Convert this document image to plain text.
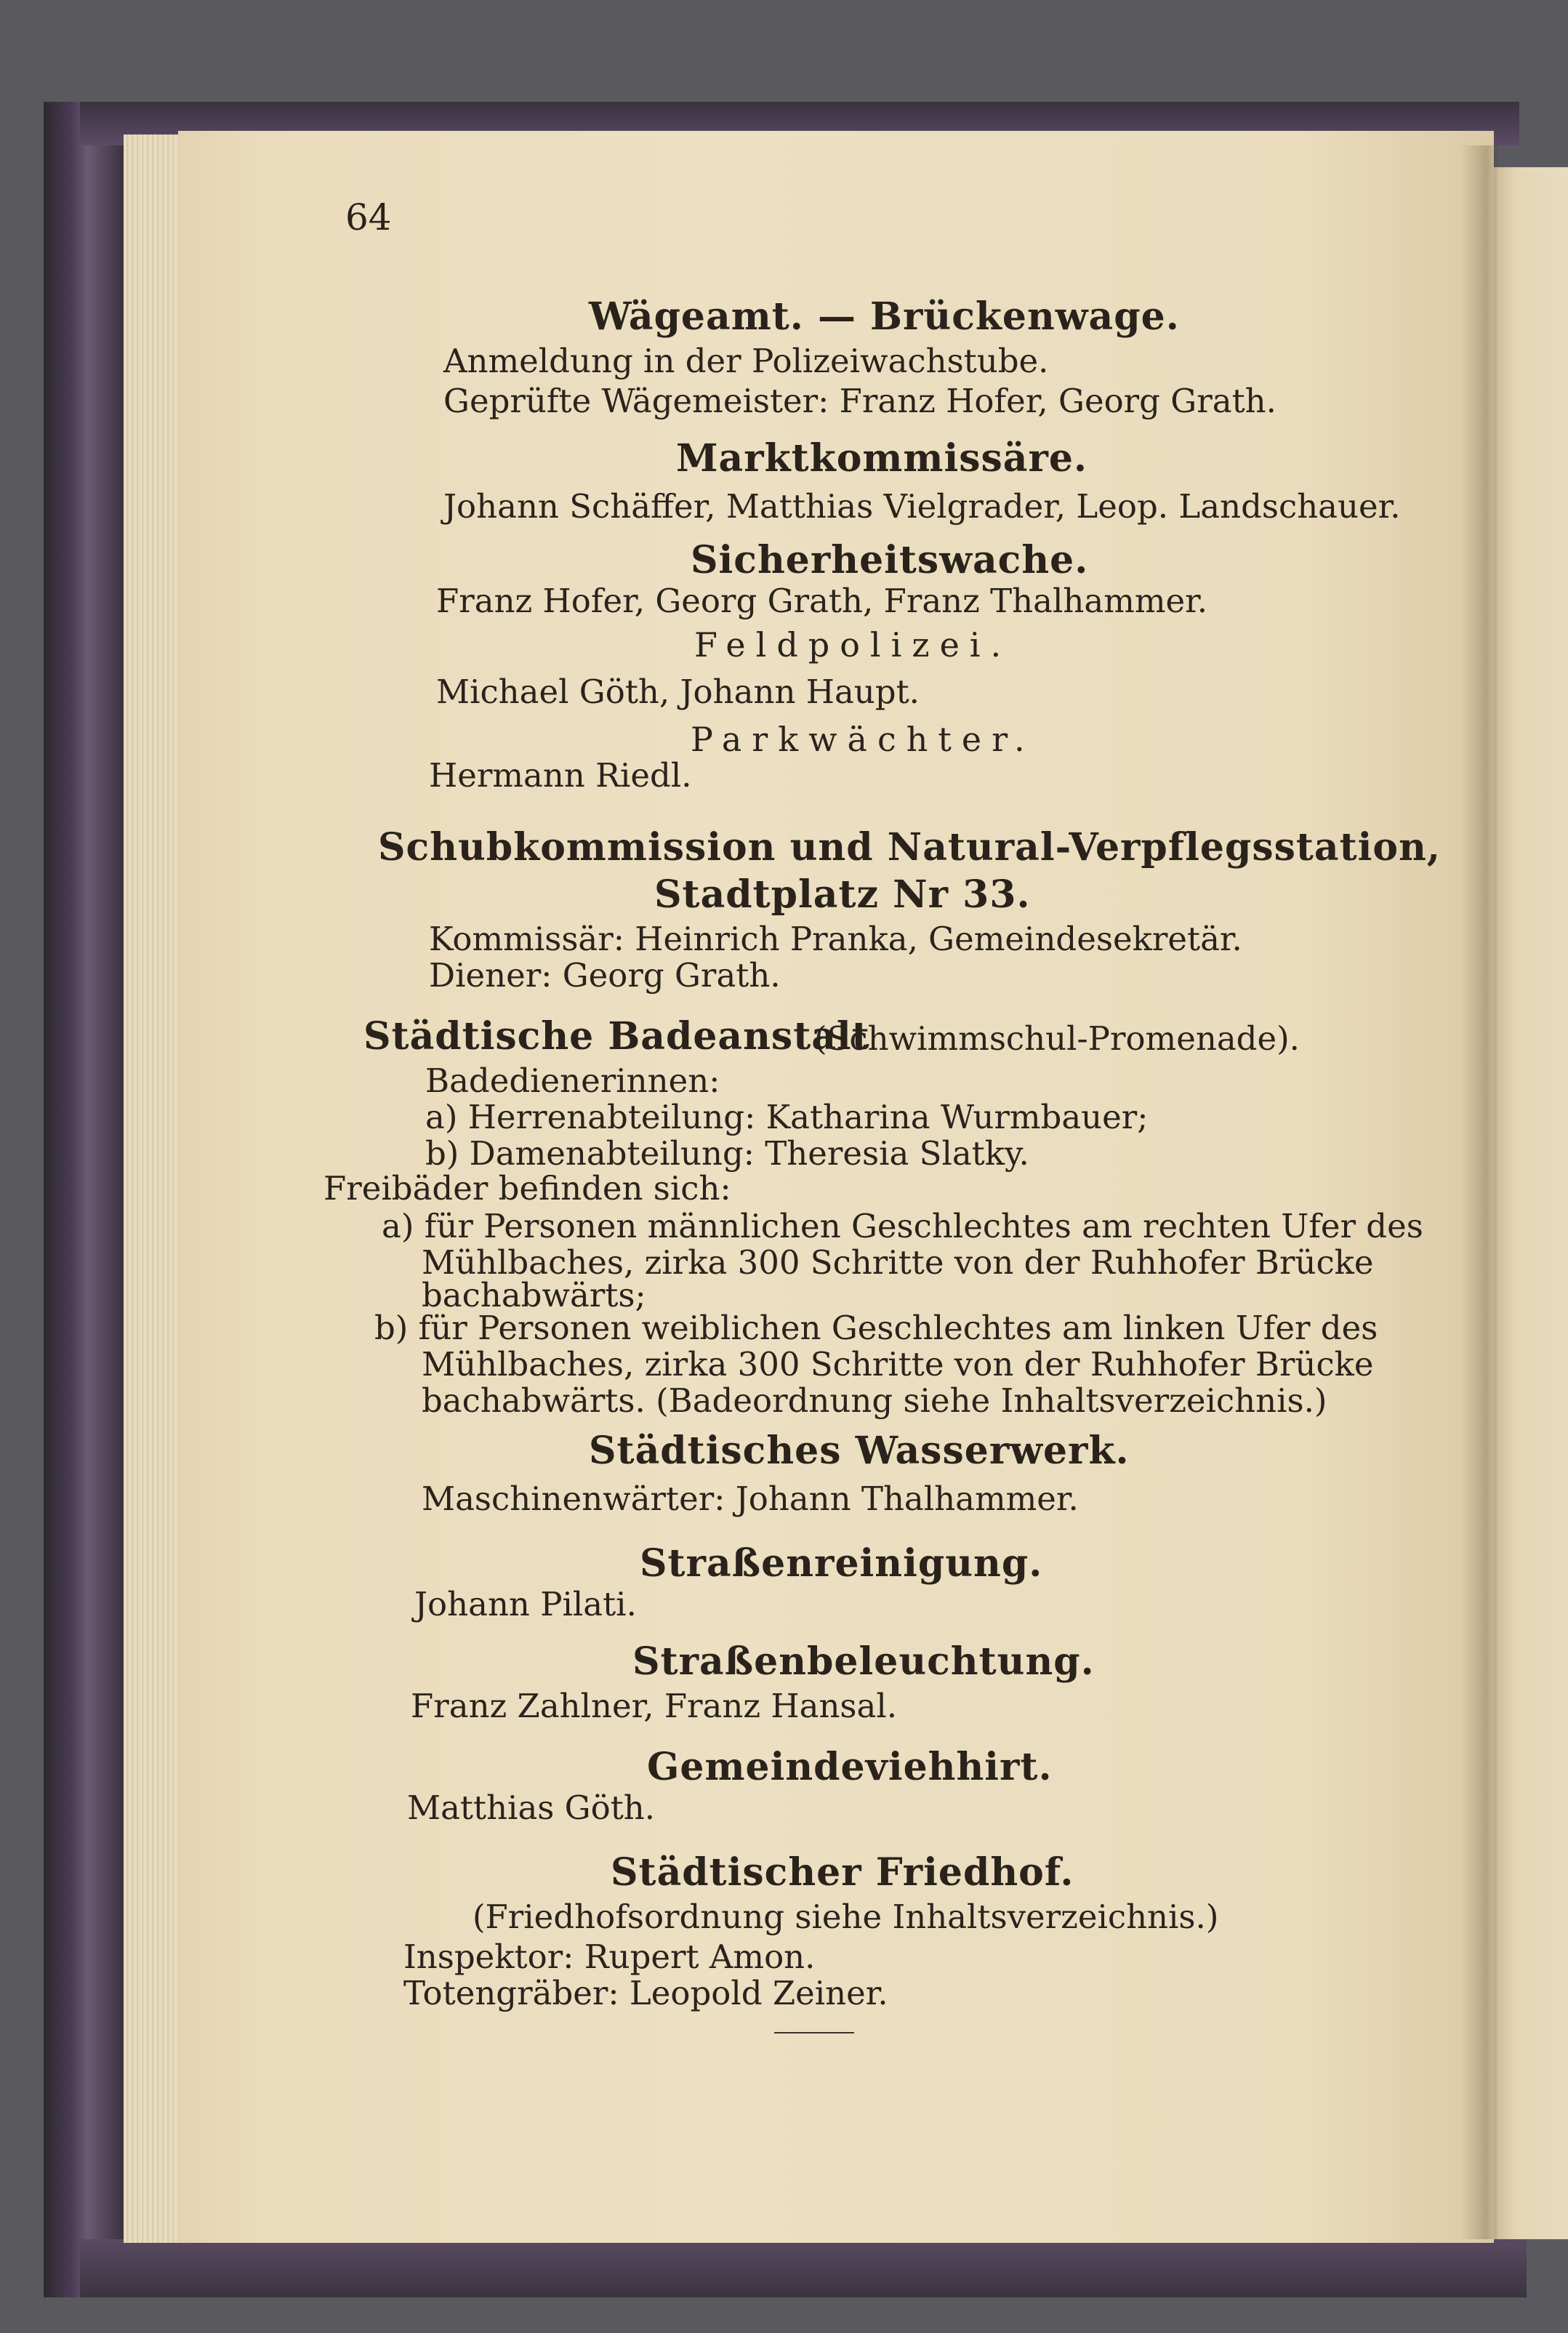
64
Wägeamt. — Brückenwage.
Anmeldung in der Polizeiwachstube.
Geprüfte Wägemeister: Franz Hofer, Georg Grath.
Marktkommissäre.
Johann Schäffer, Matthias Vielgrader, Leop. Landschauer.
Sicherheitswache.
Franz Hofer, Georg Grath, Franz Thalhammer.
Feldpolizei.
Michael Göth, Johann Haupt.
Parkwächter.
Hermann Riedl.
Schubkommission und Natural-Verpflegsstation,
Stadtplatz Nr 33.
Kommissär: Heinrich Pranka, Gemeindesekretär.
Diener: Georg Grath.
Städtische Badeanstalt
(Schwimmschul-Promenade).
Badedienerinnen:
a) Herrenabteilung: Katharina Wurmbauer;
b) Damenabteilung: Theresia Slatky.
Freibäder befinden sich:
a) für Personen männlichen Geschlechtes am rechten Ufer des
Mühlbaches, zirka 300 Schritte von der Ruhhofer Brücke
bachabwärts;
b) für Personen weiblichen Geschlechtes am linken Ufer des
Mühlbaches, zirka 300 Schritte von der Ruhhofer Brücke
bachabwärts. (Badeordnung siehe Inhaltsverzeichnis.)
Städtisches Wasserwerk.
Maschinenwärter: Johann Thalhammer.
Straßenreinigung.
Johann Pilati.
Straßenbeleuchtung.
Franz Zahlner, Franz Hansal.
Gemeindeviehhirt.
Matthias Göth.
Städtischer Friedhof.
(Friedhofsordnung siehe Inhaltsverzeichnis.)
Inspektor: Rupert Amon.
Totengräber: Leopold Zeiner.
